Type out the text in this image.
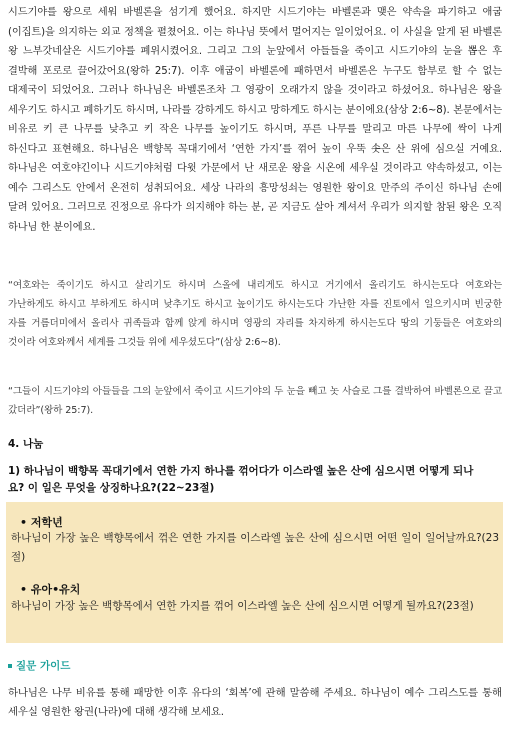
시드기야를 왕으로 세워 바벨론을 섬기게 했어요. 하지만 시드기야는 바벨론과 맺은 약속을 파기하고 애굽(이집트)을 의지하는 외교 정책을 펼쳤어요. 이는 하나님 뜻에서 멀어지는 일이었어요. 이 사실을 알게 된 바벨론 왕 느부갓네살은 시드기야를 폐위시켰어요. 그리고 그의 눈앞에서 아들들을 죽이고 시드기야의 눈을 뽑은 후 결박해 포로로 끌어갔어요(왕하 25:7). 이후 애굽이 바벨론에 패하면서 바벨론은 누구도 함부로 할 수 없는 대제국이 되었어요. 그러나 하나님은 바벨론조차 그 영광이 오래가지 않을 것이라고 하셨어요. 하나님은 왕을 세우기도 하시고 폐하기도 하시며, 나라를 강하게도 하시고 망하게도 하시는 분이에요(삼상 2:6~8). 본문에서는 비유로 키 큰 나무를 낮추고 키 작은 나무를 높이기도 하시며, 푸른 나무를 말리고 마른 나무에 싹이 나게 하신다고 표현해요. 하나님은 백향목 꼭대기에서 ‘연한 가지’를 꺾어 높이 우뚝 솟은 산 위에 심으실 거예요. 하나님은 여호야긴이나 시드기야처럼 다윗 가문에서 난 새로운 왕을 시온에 세우실 것이라고 약속하셨고, 이는 예수 그리스도 안에서 온전히 성취되어요. 세상 나라의 흥망성쇠는 영원한 왕이요 만주의 주이신 하나님 손에 달려 있어요. 그러므로 진정으로 유다가 의지해야 하는 분, 곧 지금도 살아 계셔서 우리가 의지할 참된 왕은 오직 하나님 한 분이에요.
“여호와는 죽이기도 하시고 살리기도 하시며 스올에 내리게도 하시고 거기에서 올리기도 하시는도다 여호와는 가난하게도 하시고 부하게도 하시며 낮추기도 하시고 높이기도 하시는도다 가난한 자를 진토에서 일으키시며 빈궁한 자를 거름더미에서 올리사 귀족들과 함께 앉게 하시며 영광의 자리를 차지하게 하시는도다 땅의 기둥들은 여호와의 것이라 여호와께서 세계를 그것들 위에 세우셨도다”(삼상 2:6~8).
“그들이 시드기야의 아들들을 그의 눈앞에서 죽이고 시드기야의 두 눈을 빼고 놋 사슬로 그를 결박하여 바벨론으로 끌고 갔더라”(왕하 25:7).
4. 나눔
1) 하나님이 백향목 꼭대기에서 연한 가지 하나를 꺾어다가 이스라엘 높은 산에 심으시면 어떻게 되나요? 이 일은 무엇을 상징하나요?(22~23절)
• 저학년
하나님이 가장 높은 백향목에서 꺾은 연한 가지를 이스라엘 높은 산에 심으시면 어떤 일이 일어날까요?(23절)
• 유아•유치
하나님이 가장 높은 백향목에서 연한 가지를 꺾어 이스라엘 높은 산에 심으시면 어떻게 될까요?(23절)
질문 가이드
하나님은 나무 비유를 통해 패망한 이후 유다의 ‘회복’에 관해 말씀해 주세요. 하나님이 예수 그리스도를 통해 세우실 영원한 왕권(나라)에 대해 생각해 보세요.
